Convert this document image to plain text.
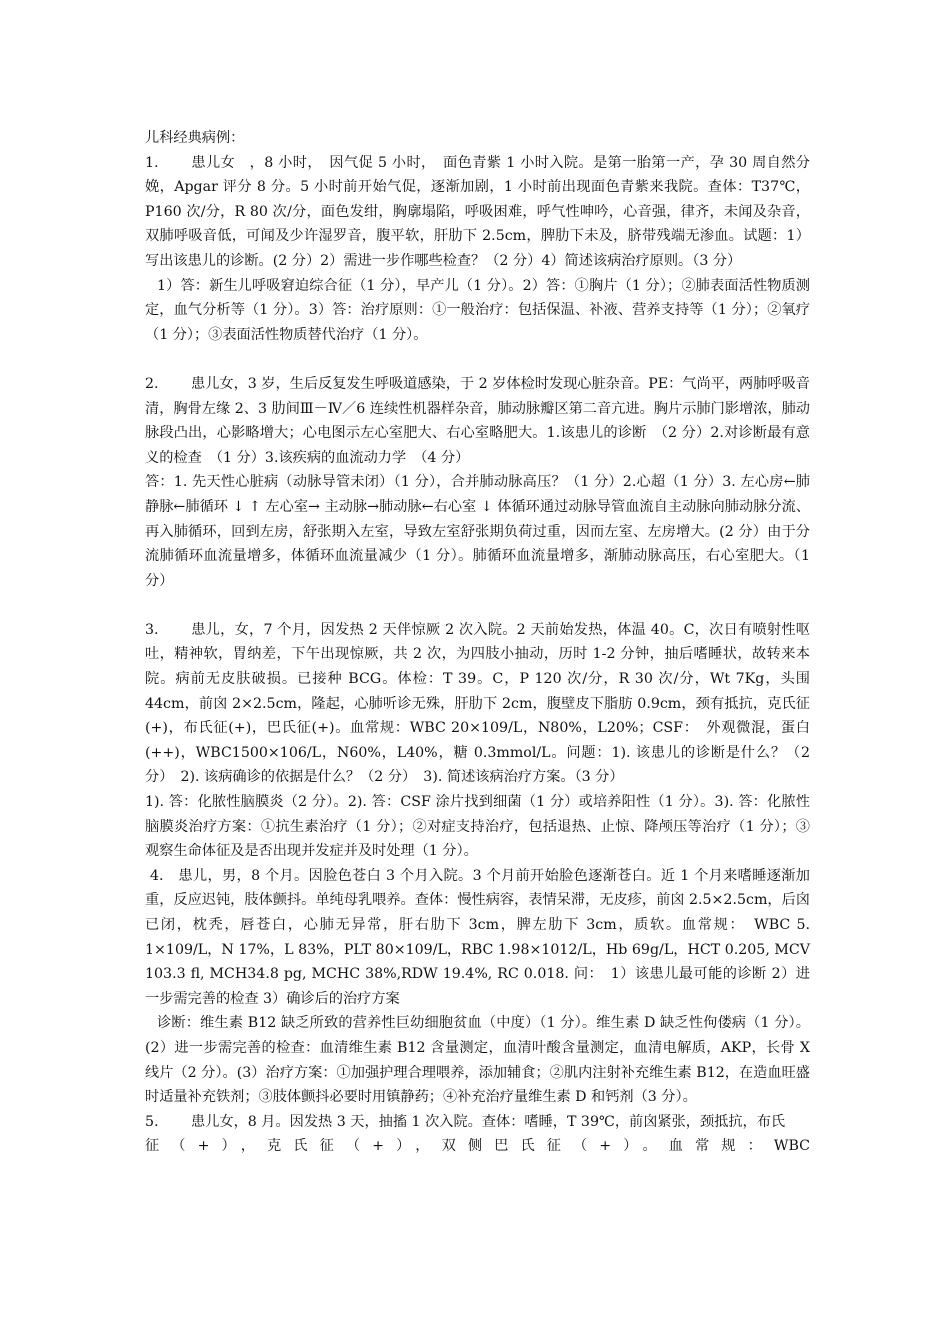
儿科经典病例：

1. 患儿女　，8 小时，　因气促 5 小时，　面色青紫 1 小时入院。是第一胎第一产，孕 30 周自然分娩，Apgar 评分 8 分。5 小时前开始气促，逐渐加剧，1 小时前出现面色青紫来我院。查体：T37℃，P160 次/分，R 80 次/分，面色发绀，胸廓塌陷，呼吸困难，呼气性呻吟，心音强，律齐，未闻及杂音，双肺呼吸音低，可闻及少许湿罗音，腹平软，肝肋下 2.5cm，脾肋下未及，脐带残端无渗血。试题：1）写出该患儿的诊断。(2 分）2）需进一步作哪些检查？（2 分）4）简述该病治疗原则。（3 分）

1）答：新生儿呼吸窘迫综合征（1 分），早产儿（1 分）。2）答：①胸片（1 分）；②肺表面活性物质测定，血气分析等（1 分）。3）答：治疗原则：①一般治疗：包括保温、补液、营养支持等（1 分）；②氧疗（1 分）；③表面活性物质替代治疗（1 分）。

2. 患儿女，3 岁，生后反复发生呼吸道感染，于 2 岁体检时发现心脏杂音。PE：气尚平，两肺呼吸音清，胸骨左缘 2、3 肋间Ⅲ－Ⅳ／6 连续性机器样杂音，肺动脉瓣区第二音亢进。胸片示肺门影增浓，肺动脉段凸出，心影略增大；心电图示左心室肥大、右心室略肥大。1.该患儿的诊断　（2 分）2.对诊断最有意义的检查　（1 分）3.该疾病的血流动力学　（4 分）

答：1. 先天性心脏病（动脉导管未闭）（1 分），合并肺动脉高压？（1 分）2.心超（1 分）3. 左心房←肺静脉←肺循环 ↓ ↑ 左心室→ 主动脉→肺动脉←右心室 ↓ 体循环通过动脉导管血流自主动脉向肺动脉分流、再入肺循环，回到左房，舒张期入左室，导致左室舒张期负荷过重，因而左室、左房增大。(2 分）由于分流肺循环血流量增多，体循环血流量减少（1 分）。肺循环血流量增多，渐肺动脉高压，右心室肥大。（1 分）

3. 患儿，女，7 个月，因发热 2 天伴惊厥 2 次入院。2 天前始发热，体温 40。C，次日有喷射性呕吐，精神软，胃纳差，下午出现惊厥，共 2 次，为四肢小抽动，历时 1-2 分钟，抽后嗜睡状，故转来本院。病前无皮肤破损。已接种 BCG。体检：T 39。C，P 120 次/分，R 30 次/分，Wt 7Kg，头围 44cm，前囟 2×2.5cm，隆起，心肺听诊无殊，肝肋下 2cm，腹壁皮下脂肪 0.9cm，颈有抵抗，克氏征(+)，布氏征(+)，巴氏征(+)。血常规：WBC 20×109/L，N80%，L20%；CSF：　外观微混，蛋白(++)，WBC1500×106/L，N60%，L40%，糖 0.3mmol/L。问题：1). 该患儿的诊断是什么？（2 分）　2). 该病确诊的依据是什么？（2 分）　3). 简述该病治疗方案。（3 分）

1). 答：化脓性脑膜炎（2 分）。2). 答：CSF 涂片找到细菌（1 分）或培养阳性（1 分）。3). 答：化脓性脑膜炎治疗方案：①抗生素治疗（1 分）；②对症支持治疗，包括退热、止惊、降颅压等治疗（1 分）；③观察生命体征及是否出现并发症并及时处理（1 分）。

4.　 患儿，男，8 个月。因脸色苍白 3 个月入院。3 个月前开始脸色逐渐苍白。近 1 个月来嗜睡逐渐加重，反应迟钝，肢体颤抖。单纯母乳喂养。查体：慢性病容，表情呆滞，无皮疹，前囟 2.5×2.5cm，后囟已闭，枕秃，唇苍白，心肺无异常，肝右肋下 3cm，脾左肋下 3cm，质软。血常规：　WBC 5. 1×109/L，N 17%，L 83%，PLT 80×109/L，RBC 1.98×1012/L，Hb 69g/L，HCT 0.205, MCV 103.3 fl, MCH34.8 pg, MCHC 38%,RDW 19.4%, RC 0.018. 问：　1）该患儿最可能的诊断 2）进一步需完善的检查 3）确诊后的治疗方案

诊断：维生素 B12 缺乏所致的营养性巨幼细胞贫血（中度）（1 分）。维生素 D 缺乏性佝偻病（1 分）。(2）进一步需完善的检查：血清维生素 B12 含量测定，血清叶酸含量测定，血清电解质，AKP，长骨 X 线片（2 分）。(3）治疗方案：①加强护理合理喂养，添加辅食；②肌内注射补充维生素 B12，在造血旺盛时适量补充铁剂；③肢体颤抖必要时用镇静药；④补充治疗量维生素 D 和钙剂（3 分）。

5. 患儿女，8 月。因发热 3 天，抽搐 1 次入院。查体：嗜睡，T 39℃，前囟紧张，颈抵抗，布氏

征（+），克氏征（+），双侧巴氏征（+）。血常规：WBC
